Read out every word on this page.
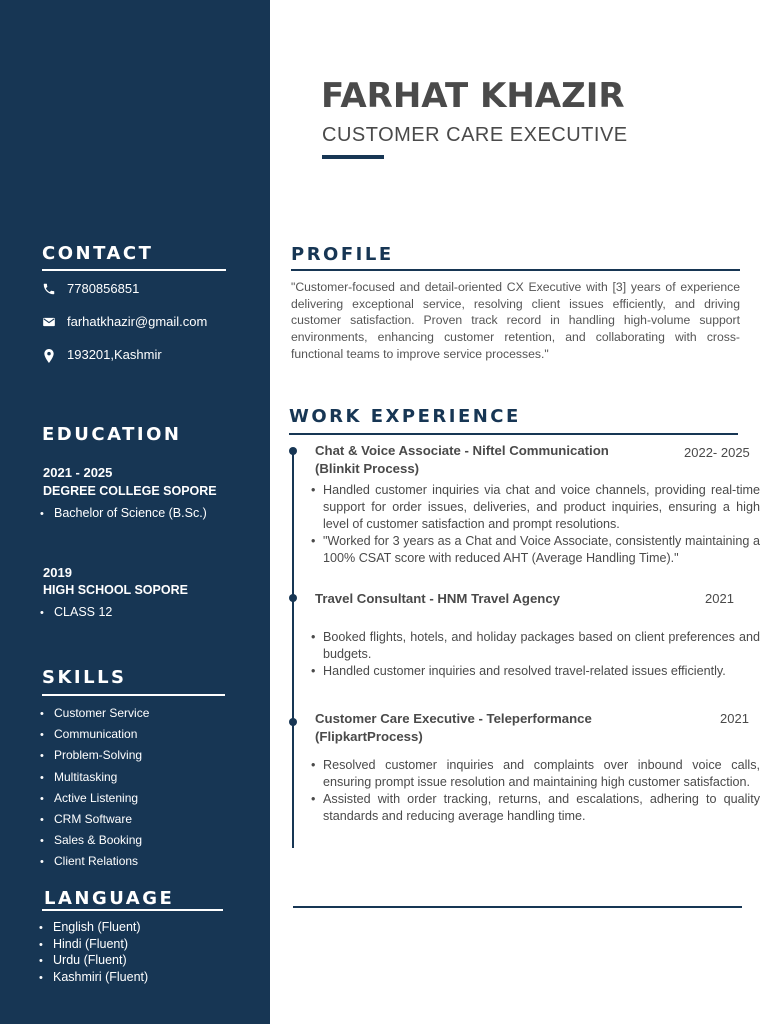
CONTACT
7780856851
farhatkhazir@gmail.com
193201,Kashmir
EDUCATION
2021 - 2025
DEGREE COLLEGE SOPORE
• Bachelor of Science (B.Sc.)
2019
HIGH SCHOOL SOPORE
• CLASS 12
SKILLS
• Customer Service
• Communication
• Problem-Solving
• Multitasking
• Active Listening
• CRM Software
• Sales & Booking
• Client Relations
LANGUAGE
• English (Fluent)
• Hindi (Fluent)
• Urdu (Fluent)
• Kashmiri (Fluent)
FARHAT KHAZIR
CUSTOMER CARE EXECUTIVE
PROFILE
"Customer-focused and detail-oriented CX Executive with [3] years of experience delivering exceptional service, resolving client issues efficiently, and driving customer satisfaction. Proven track record in handling high-volume support environments, enhancing customer retention, and collaborating with cross-functional teams to improve service processes."
WORK EXPERIENCE
Chat & Voice Associate - Niftel Communication
(Blinkit Process)
2022- 2025
• Handled customer inquiries via chat and voice channels, providing real-time support for order issues, deliveries, and product inquiries, ensuring a high level of customer satisfaction and prompt resolutions.
• "Worked for 3 years as a Chat and Voice Associate, consistently maintaining a 100% CSAT score with reduced AHT (Average Handling Time)."
Travel Consultant - HNM Travel Agency	2021
• Booked flights, hotels, and holiday packages based on client preferences and budgets.
• Handled customer inquiries and resolved travel-related issues efficiently.
Customer Care Executive - Teleperformance
(FlipkartProcess)
2021
• Resolved customer inquiries and complaints over inbound voice calls, ensuring prompt issue resolution and maintaining high customer satisfaction.
• Assisted with order tracking, returns, and escalations, adhering to quality standards and reducing average handling time.
